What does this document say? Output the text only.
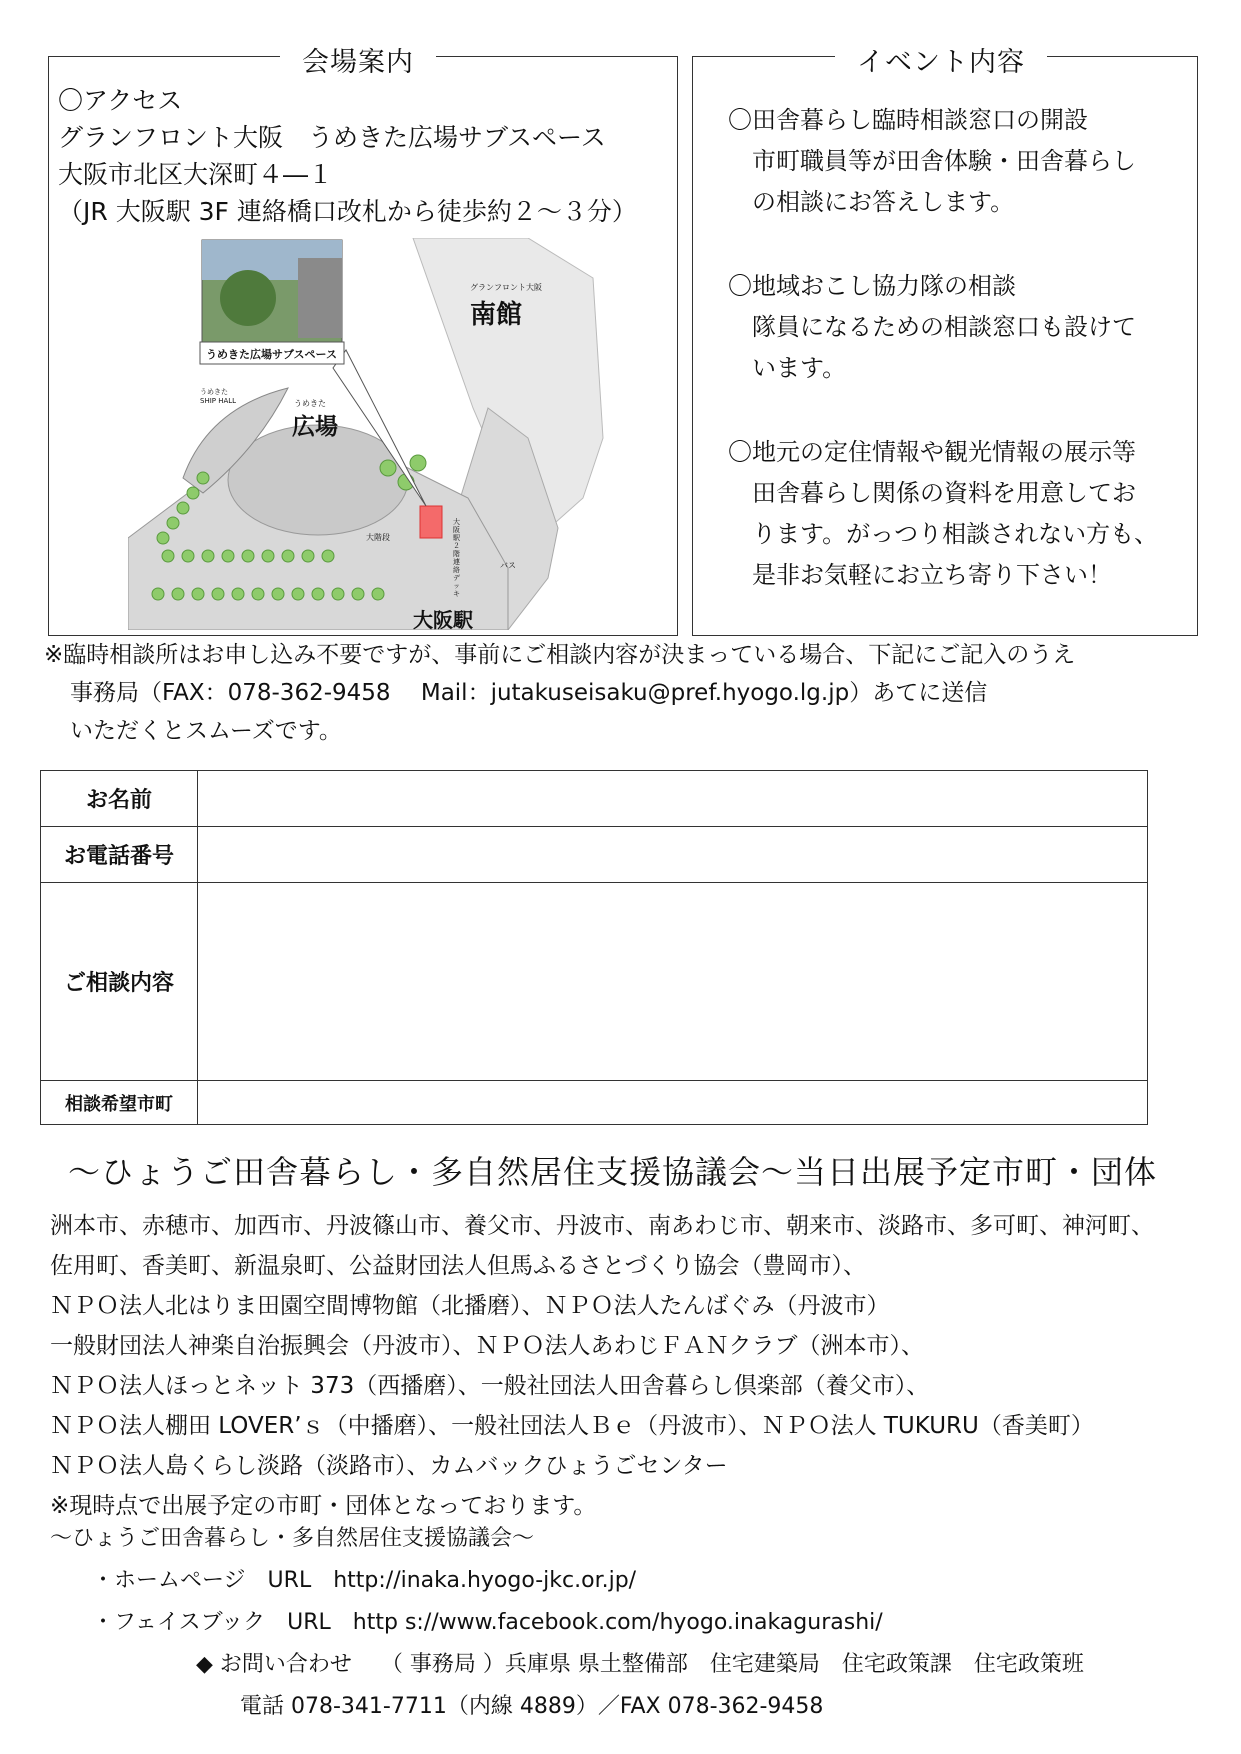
会場案内
〇アクセス
グランフロント大阪　うめきた広場サブスペース
大阪市北区大深町４―１
（JR 大阪駅 3F 連絡橋口改札から徒歩約２～３分）
うめきた広場サブスペース
グランフロント大阪
南館
うめきた
広場
うめきた SHIP HALL
大階段
大阪駅２階連絡デッキ
バス
大阪駅
イベント内容
〇田舎暮らし臨時相談窓口の開設
市町職員等が田舎体験・田舎暮らし
の相談にお答えします。
〇地域おこし協力隊の相談
隊員になるための相談窓口も設けて
います。
〇地元の定住情報や観光情報の展示等
田舎暮らし関係の資料を用意してお
ります。がっつり相談されない方も、
是非お気軽にお立ち寄り下さい！
※臨時相談所はお申し込み不要ですが、事前にご相談内容が決まっている場合、下記にご記入のうえ
事務局（FAX：078-362-9458　 Mail：jutakuseisaku@pref.hyogo.lg.jp）あてに送信
いただくとスムーズです。
お名前	
お電話番号	
ご相談内容	
相談希望市町	
～ひょうご田舎暮らし・多自然居住支援協議会～当日出展予定市町・団体
洲本市、赤穂市、加西市、丹波篠山市、養父市、丹波市、南あわじ市、朝来市、淡路市、多可町、神河町、
佐用町、香美町、新温泉町、公益財団法人但馬ふるさとづくり協会（豊岡市）、
ＮＰＯ法人北はりま田園空間博物館（北播磨）、ＮＰＯ法人たんばぐみ（丹波市）
一般財団法人神楽自治振興会（丹波市）、ＮＰＯ法人あわじＦＡＮクラブ（洲本市）、
ＮＰＯ法人ほっとネット 373（西播磨）、一般社団法人田舎暮らし倶楽部（養父市）、
ＮＰＯ法人棚田 LOVER’ｓ（中播磨）、一般社団法人Ｂｅ（丹波市）、ＮＰＯ法人 TUKURU（香美町）
ＮＰＯ法人島くらし淡路（淡路市）、カムバックひょうごセンター
※現時点で出展予定の市町・団体となっております。
～ひょうご田舎暮らし・多自然居住支援協議会～
・ホームページ　URL　http://inaka.hyogo-jkc.or.jp/
・フェイスブック　URL　http s://www.facebook.com/hyogo.inakagurashi/
◆ お問い合わせ　 （ 事務局 ）兵庫県 県土整備部　住宅建築局　住宅政策課　住宅政策班
電話 078-341-7711（内線 4889）／FAX 078-362-9458
